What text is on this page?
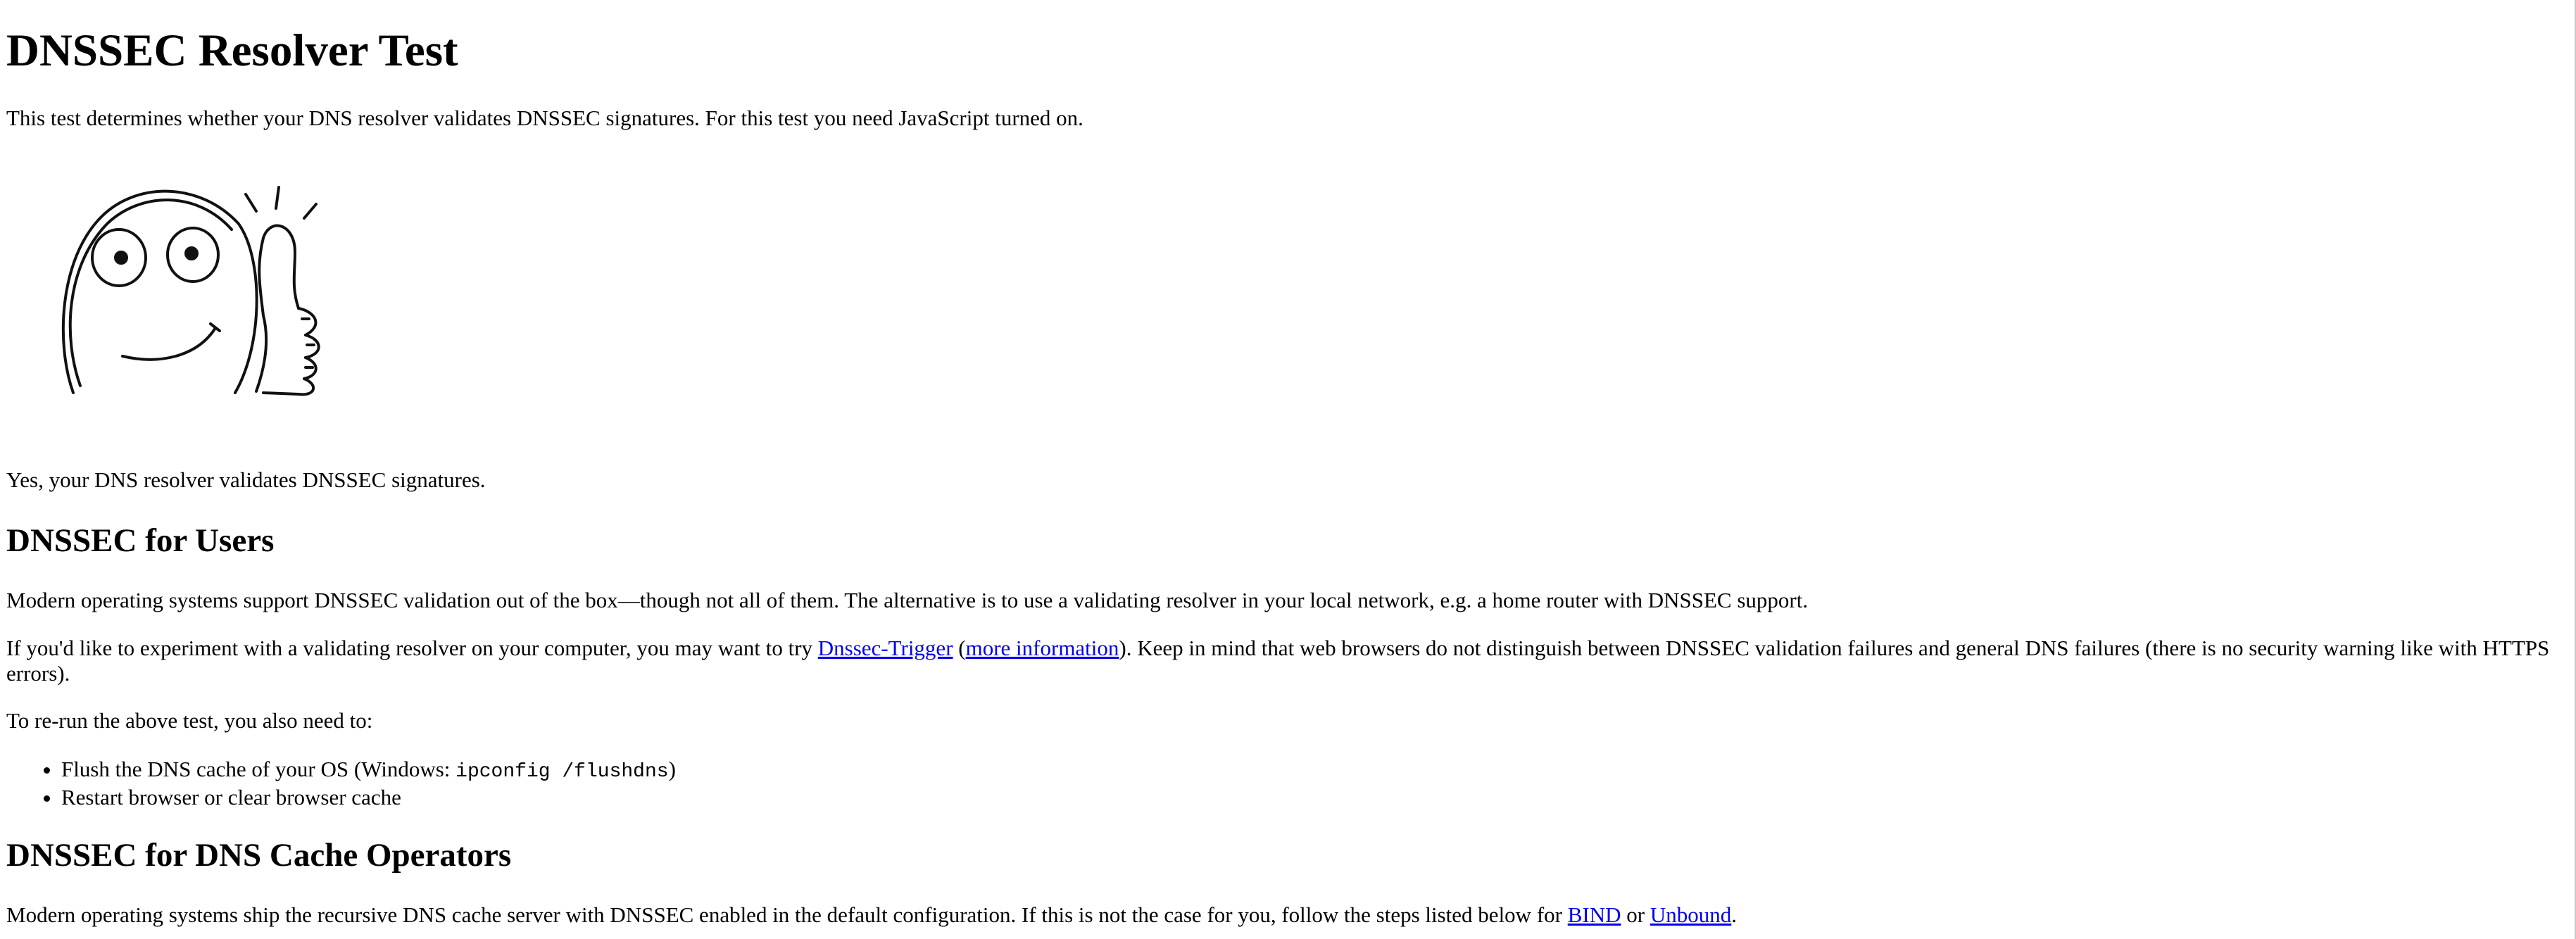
DNSSEC Resolver Test

This test determines whether your DNS resolver validates DNSSEC signatures. For this test you need JavaScript turned on.

Yes, your DNS resolver validates DNSSEC signatures.

DNSSEC for Users

Modern operating systems support DNSSEC validation out of the box—though not all of them. The alternative is to use a validating resolver in your local network, e.g. a home router with DNSSEC support.

If you'd like to experiment with a validating resolver on your computer, you may want to try Dnssec-Trigger (more information). Keep in mind that web browsers do not distinguish between DNSSEC validation failures and general DNS failures (there is no security warning like with HTTPS errors).

To re-run the above test, you also need to:

• Flush the DNS cache of your OS (Windows: ipconfig /flushdns)
• Restart browser or clear browser cache
DNSSEC for DNS Cache Operators

Modern operating systems ship the recursive DNS cache server with DNSSEC enabled in the default configuration. If this is not the case for you, follow the steps listed below for BIND or Unbound.
